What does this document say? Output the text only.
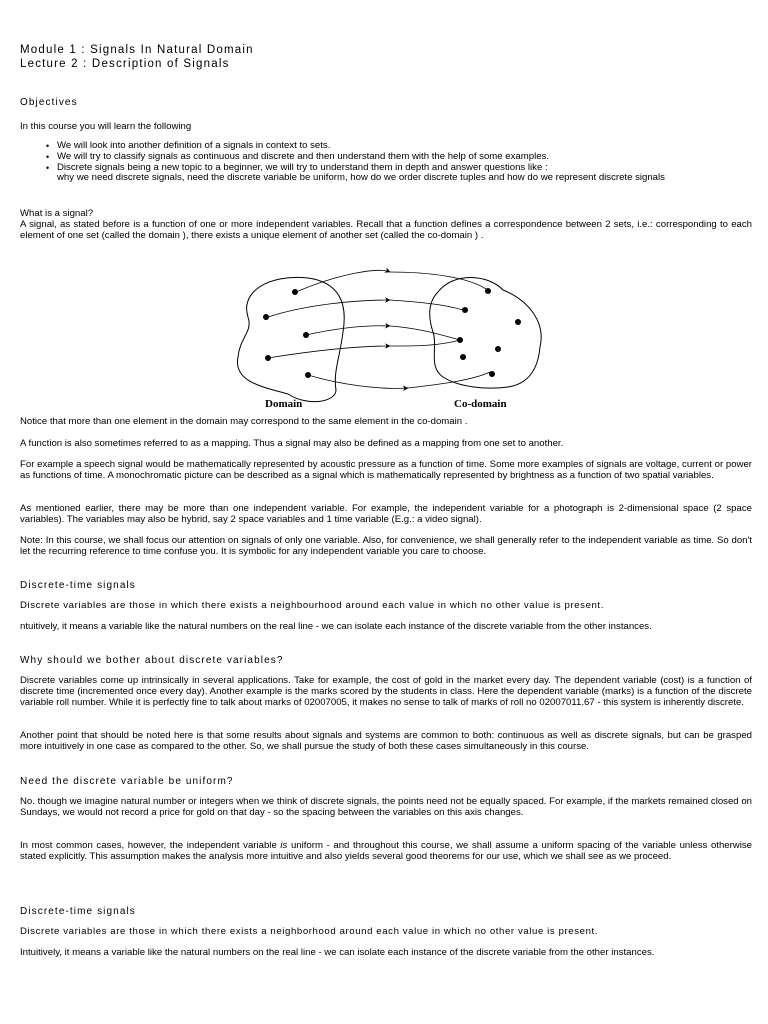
Module 1 : Signals In Natural Domain
Lecture 2 : Description of Signals
Objectives
In this course you will learn the following
• We will look into another definition of a signals in context to sets.
• We will try to classify signals as continuous and discrete and then understand them with the help of some examples.
• Discrete signals being a new topic to a beginner, we will try to understand them in depth and answer questions like :
why we need discrete signals, need the discrete variable be uniform, how do we order discrete tuples and how do we represent discrete signals
What is a signal?
A signal, as stated before is a function of one or more independent variables. Recall that a function defines a correspondence between 2 sets, i.e.: corresponding to each element of one set (called the domain ), there exists a unique element of another set (called the co-domain ) .
Domain	Co-domain
Notice that more than one element in the domain may correspond to the same element in the co-domain .
A function is also sometimes referred to as a mapping. Thus a signal may also be defined as a mapping from one set to another.
For example a speech signal would be mathematically represented by acoustic pressure as a function of time. Some more examples of signals are voltage, current or power as functions of time. A monochromatic picture can be described as a signal which is mathematically represented by brightness as a function of two spatial variables.
As mentioned earlier, there may be more than one independent variable. For example, the independent variable for a photograph is 2-dimensional space (2 space variables). The variables may also be hybrid, say 2 space variables and 1 time variable (E.g.: a video signal).
Note: In this course, we shall focus our attention on signals of only one variable. Also, for convenience, we shall generally refer to the independent variable as time. So don't let the recurring reference to time confuse you. It is symbolic for any independent variable you care to choose.
Discrete-time signals
Discrete variables are those in which there exists a neighbourhood around each value in which no other value is present.
ntuitively, it means a variable like the natural numbers on the real line - we can isolate each instance of the discrete variable from the other instances.
Why should we bother about discrete variables?
Discrete variables come up intrinsically in several applications. Take for example, the cost of gold in the market every day. The dependent variable (cost) is a function of discrete time (incremented once every day). Another example is the marks scored by the students in class. Here the dependent variable (marks) is a function of the discrete variable roll number. While it is perfectly fine to talk about marks of 02007005, it makes no sense to talk of marks of roll no 02007011.67 - this system is inherently discrete.
Another point that should be noted here is that some results about signals and systems are common to both: continuous as well as discrete signals, but can be grasped more intuitively in one case as compared to the other. So, we shall pursue the study of both these cases simultaneously in this course.
Need the discrete variable be uniform?
No. though we imagine natural number or integers when we think of discrete signals, the points need not be equally spaced. For example, if the markets remained closed on Sundays, we would not record a price for gold on that day - so the spacing between the variables on this axis changes.
In most common cases, however, the independent variable is uniform - and throughout this course, we shall assume a uniform spacing of the variable unless otherwise stated explicitly. This assumption makes the analysis more intuitive and also yields several good theorems for our use, which we shall see as we proceed.
Discrete-time signals
Discrete variables are those in which there exists a neighborhood around each value in which no other value is present.
Intuitively, it means a variable like the natural numbers on the real line - we can isolate each instance of the discrete variable from the other instances.
